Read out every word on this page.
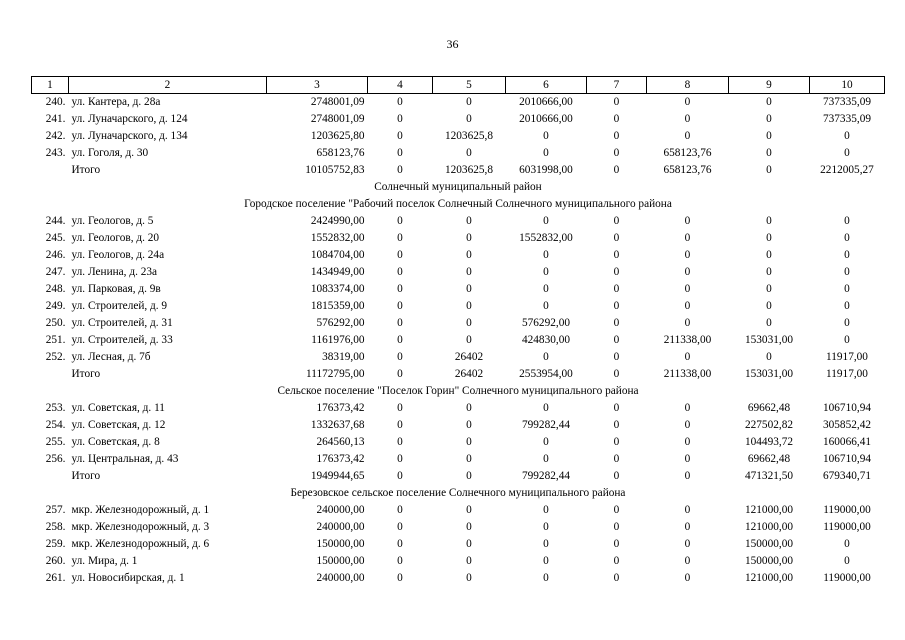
36
1	2	3	4	5	6	7	8	9	10
240.	ул. Кантера, д. 28а	2748001,09	0	0	2010666,00	0	0	0	737335,09
241.	ул. Луначарского, д. 124	2748001,09	0	0	2010666,00	0	0	0	737335,09
242.	ул. Луначарского, д. 134	1203625,80	0	1203625,8	0	0	0	0	0
243.	ул. Гоголя, д. 30	658123,76	0	0	0	0	658123,76	0	0
	Итого	10105752,83	0	1203625,8	6031998,00	0	658123,76	0	2212005,27
Солнечный муниципальный район									
Городское поселение "Рабочий поселок Солнечный Солнечного муниципального района									
244.	ул. Геологов, д. 5	2424990,00	0	0	0	0	0	0	0
245.	ул. Геологов, д. 20	1552832,00	0	0	1552832,00	0	0	0	0
246.	ул. Геологов, д. 24а	1084704,00	0	0	0	0	0	0	0
247.	ул. Ленина, д. 23а	1434949,00	0	0	0	0	0	0	0
248.	ул. Парковая, д. 9в	1083374,00	0	0	0	0	0	0	0
249.	ул. Строителей, д. 9	1815359,00	0	0	0	0	0	0	0
250.	ул. Строителей, д. 31	576292,00	0	0	576292,00	0	0	0	0
251.	ул. Строителей, д. 33	1161976,00	0	0	424830,00	0	211338,00	153031,00	0
252.	ул. Лесная, д. 7б	38319,00	0	26402	0	0	0	0	11917,00
	Итого	11172795,00	0	26402	2553954,00	0	211338,00	153031,00	11917,00
Сельское поселение "Поселок Горин" Солнечного муниципального района									
253.	ул. Советская, д. 11	176373,42	0	0	0	0	0	69662,48	106710,94
254.	ул. Советская, д. 12	1332637,68	0	0	799282,44	0	0	227502,82	305852,42
255.	ул. Советская, д. 8	264560,13	0	0	0	0	0	104493,72	160066,41
256.	ул. Центральная, д. 43	176373,42	0	0	0	0	0	69662,48	106710,94
	Итого	1949944,65	0	0	799282,44	0	0	471321,50	679340,71
Березовское сельское поселение Солнечного муниципального района									
257.	мкр. Железнодорожный, д. 1	240000,00	0	0	0	0	0	121000,00	119000,00
258.	мкр. Железнодорожный, д. 3	240000,00	0	0	0	0	0	121000,00	119000,00
259.	мкр. Железнодорожный, д. 6	150000,00	0	0	0	0	0	150000,00	0
260.	ул. Мира, д. 1	150000,00	0	0	0	0	0	150000,00	0
261.	ул. Новосибирская, д. 1	240000,00	0	0	0	0	0	121000,00	119000,00
